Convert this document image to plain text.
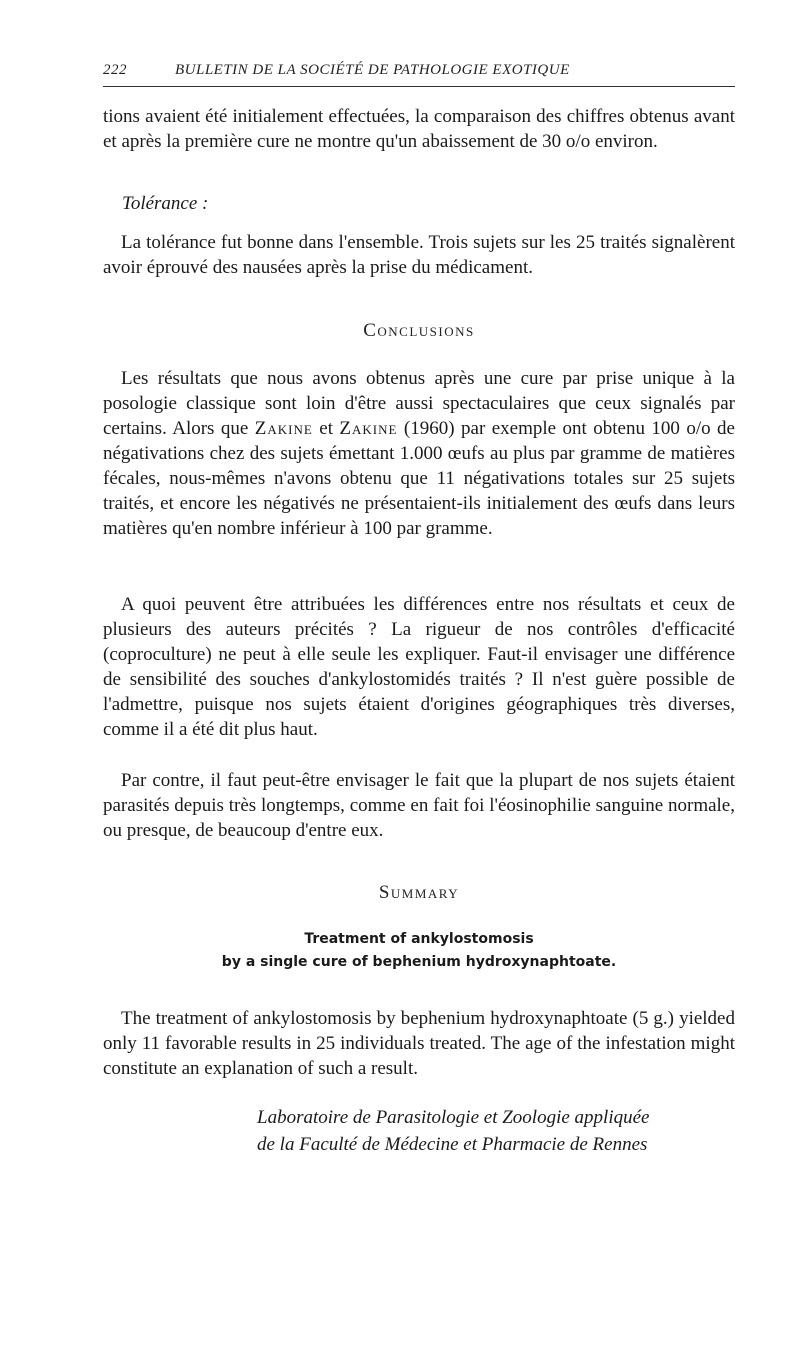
222	BULLETIN DE LA SOCIÉTÉ DE PATHOLOGIE EXOTIQUE

tions avaient été initialement effectuées, la comparaison des chiffres obtenus avant et après la première cure ne montre qu'un abaissement de 30 o/o environ.

Tolérance :

La tolérance fut bonne dans l'ensemble. Trois sujets sur les 25 traités signalèrent avoir éprouvé des nausées après la prise du médicament.

Conclusions

Les résultats que nous avons obtenus après une cure par prise unique à la posologie classique sont loin d'être aussi spectaculaires que ceux signalés par certains. Alors que Zakine et Zakine (1960) par exemple ont obtenu 100 o/o de négativations chez des sujets émettant 1.000 œufs au plus par gramme de matières fécales, nous-mêmes n'avons obtenu que 11 négativations totales sur 25 sujets traités, et encore les négativés ne présentaient-ils initialement des œufs dans leurs matières qu'en nombre inférieur à 100 par gramme.

A quoi peuvent être attribuées les différences entre nos résultats et ceux de plusieurs des auteurs précités ? La rigueur de nos contrôles d'efficacité (coproculture) ne peut à elle seule les expliquer. Faut-il envisager une différence de sensibilité des souches d'ankylostomidés traités ? Il n'est guère possible de l'admettre, puisque nos sujets étaient d'origines géographiques très diverses, comme il a été dit plus haut.

Par contre, il faut peut-être envisager le fait que la plupart de nos sujets étaient parasités depuis très longtemps, comme en fait foi l'éosinophilie sanguine normale, ou presque, de beaucoup d'entre eux.

Summary
Treatment of ankylostomosis
by a single cure of bephenium hydroxynaphtoate.

The treatment of ankylostomosis by bephenium hydroxynaphtoate (5 g.) yielded only 11 favorable results in 25 individuals treated. The age of the infestation might constitute an explanation of such a result.

Laboratoire de Parasitologie et Zoologie appliquée
de la Faculté de Médecine et Pharmacie de Rennes
